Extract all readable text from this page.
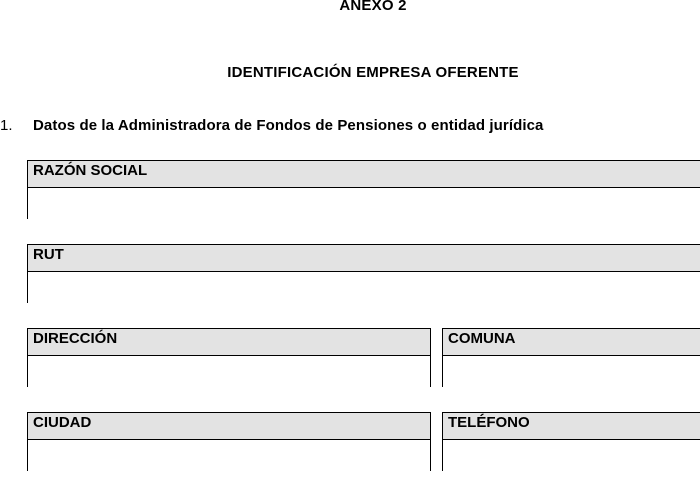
ANEXO 2
IDENTIFICACIÓN EMPRESA OFERENTE
1. Datos de la Administradora de Fondos de Pensiones o entidad jurídica
RAZÓN SOCIAL
RUT
DIRECCIÓN	COMUNA
CIUDAD	TELÉFONO
